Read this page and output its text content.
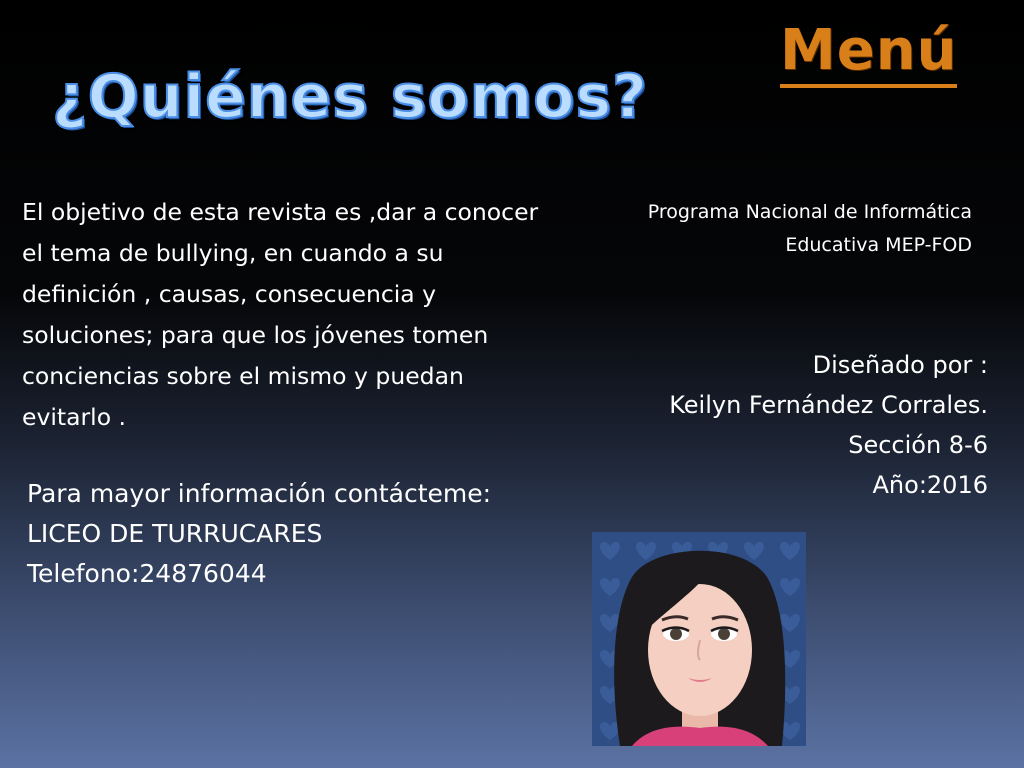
Menú
¿Quiénes somos?

El objetivo de esta revista es ,dar a conocer el tema de bullying, en cuando a su definición , causas, consecuencia y soluciones; para que los jóvenes tomen conciencias sobre el mismo y puedan evitarlo .

Programa Nacional de Informática
Educativa MEP-FOD
Diseñado por :
Keilyn Fernández Corrales.
Sección 8-6
Año:2016
Para mayor información contácteme:
LICEO DE TURRUCARES
Telefono:24876044
